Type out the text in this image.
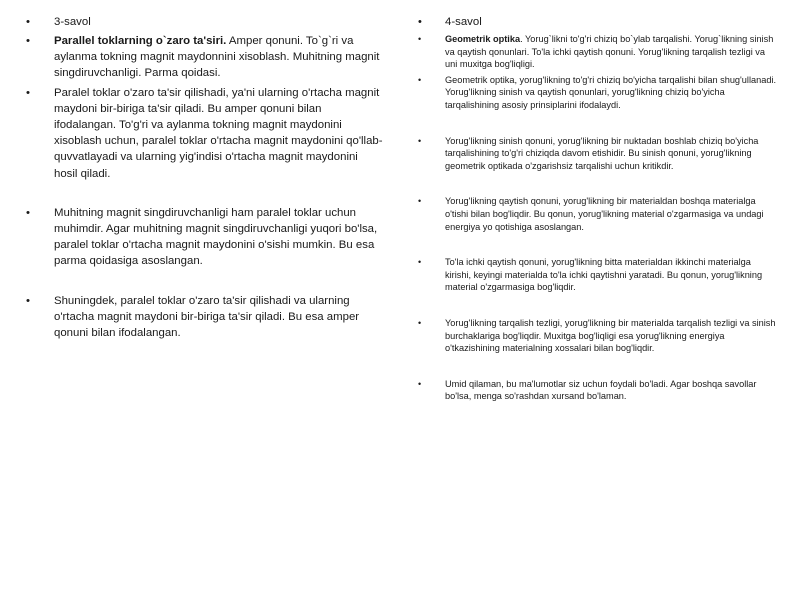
• 3-savol
• Parallel toklarning o`zaro ta'siri. Amper qonuni. To`g`ri va aylanma tokning magnit maydonnini xisoblash. Muhitning magnit singdiruvchanligi. Parma qoidasi.
• Paralel toklar o'zaro ta'sir qilishadi, ya'ni ularning o'rtacha magnit maydoni bir-biriga ta'sir qiladi. Bu amper qonuni bilan ifodalangan. To'g'ri va aylanma tokning magnit maydonini xisoblash uchun, paralel toklar o'rtacha magnit maydonini qo'llab-quvvatlayadi va ularning yig'indisi o'rtacha magnit maydonini hosil qiladi.
• Muhitning magnit singdiruvchanligi ham paralel toklar uchun muhimdir. Agar muhitning magnit singdiruvchanligi yuqori bo'lsa, paralel toklar o'rtacha magnit maydonini o'sishi mumkin. Bu esa parma qoidasiga asoslangan.
• Shuningdek, paralel toklar o'zaro ta'sir qilishadi va ularning o'rtacha magnit maydoni bir-biriga ta'sir qiladi. Bu esa amper qonuni bilan ifodalangan.
• 4-savol
•	Geometrik optika. Yorug`likni to'g'ri chiziq bo`ylab tarqalishi. Yorug`likning sinish va qaytish qonunlari. To'la ichki qaytish qonuni. Yorug'likning tarqalish tezligi va uni muxitga bog'liqligi.
•	Geometrik optika, yorug'likning to'g'ri chiziq bo'yicha tarqalishi bilan shug'ullanadi. Yorug'likning sinish va qaytish qonunlari, yorug'likning chiziq bo'yicha tarqalishining asosiy prinsiplarini ifodalaydi.
•	Yorug'likning sinish qonuni, yorug'likning bir nuktadan boshlab chiziq bo'yicha tarqalishining to'g'ri chiziqda davom etishidir. Bu sinish qonuni, yorug'likning geometrik optikada o'zgarishsiz tarqalishi uchun kritikdir.
•	Yorug'likning qaytish qonuni, yorug'likning bir materialdan boshqa materialga o'tishi bilan bog'liqdir. Bu qonun, yorug'likning material o'zgarmasiga va undagi energiya yo qotishiga asoslangan.
•	To'la ichki qaytish qonuni, yorug'likning bitta materialdan ikkinchi materialga kirishi, keyingi materialda to'la ichki qaytishni yaratadi. Bu qonun, yorug'likning material o'zgarmasiga bog'liqdir.
•	Yorug'likning tarqalish tezligi, yorug'likning bir materialda tarqalish tezligi va sinish burchaklariga bog'liqdir. Muxitga bog'liqligi esa yorug'likning energiya o'tkazishining materialning xossalari bilan bog'liqdir.
•	Umid qilaman, bu ma'lumotlar siz uchun foydali bo'ladi. Agar boshqa savollar bo'lsa, menga so'rashdan xursand bo'laman.
